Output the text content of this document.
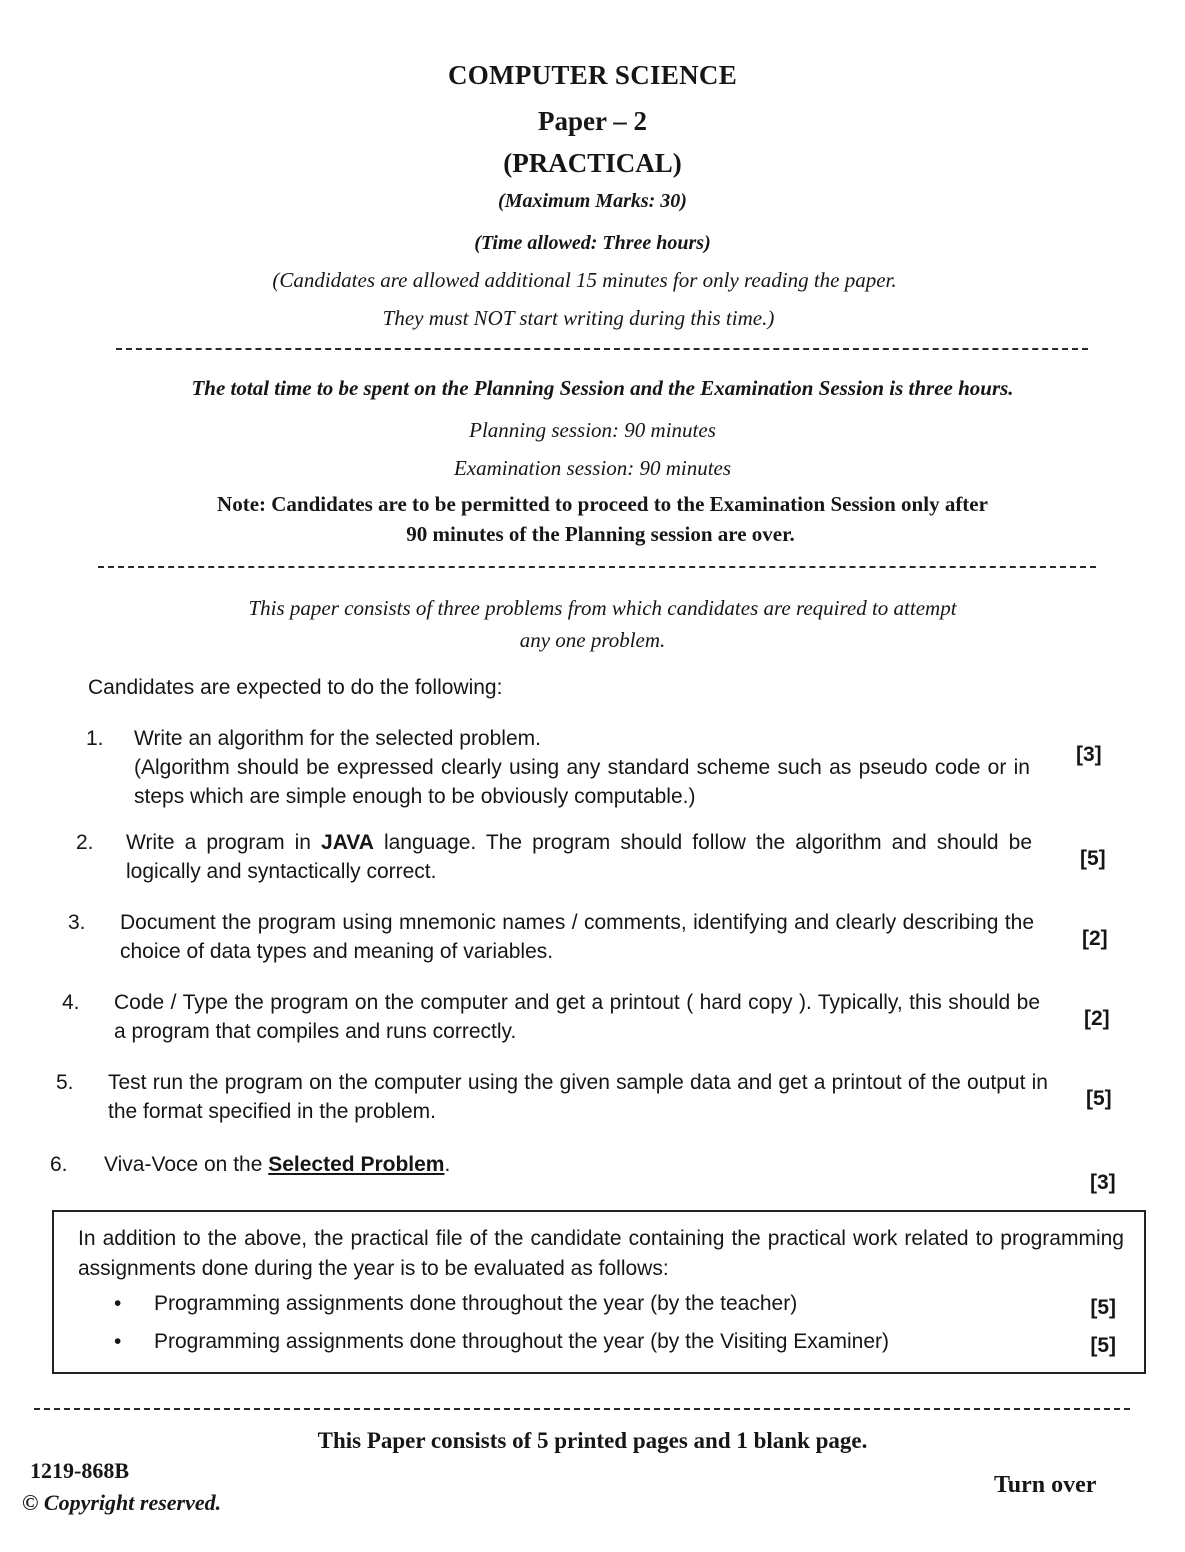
COMPUTER SCIENCE
Paper – 2
(PRACTICAL)
(Maximum Marks: 30)
(Time allowed: Three hours)
(Candidates are allowed additional 15 minutes for only reading the paper.
They must NOT start writing during this time.)
The total time to be spent on the Planning Session and the Examination Session is three hours.
Planning session: 90 minutes
Examination session: 90 minutes
Note: Candidates are to be permitted to proceed to the Examination Session only after
90 minutes of the Planning session are over.
This paper consists of three problems from which candidates are required to attempt
any one problem.
Candidates are expected to do the following:
1. Write an algorithm for the selected problem.
(Algorithm should be expressed clearly using any standard scheme such as pseudo code or in steps which are simple enough to be obviously computable.)
[3]
2. Write a program in JAVA language. The program should follow the algorithm and should be logically and syntactically correct.
[5]
3. Document the program using mnemonic names / comments, identifying and clearly describing the choice of data types and meaning of variables.
[2]
4. Code / Type the program on the computer and get a printout ( hard copy ). Typically, this should be a program that compiles and runs correctly.
[2]
5. Test run the program on the computer using the given sample data and get a printout of the output in the format specified in the problem.
[5]
6. Viva-Voce on the Selected Problem.
[3]
In addition to the above, the practical file of the candidate containing the practical work related to programming assignments done during the year is to be evaluated as follows:
• Programming assignments done throughout the year (by the teacher)	[5]
• Programming assignments done throughout the year (by the Visiting Examiner)	[5]
This Paper consists of 5 printed pages and 1 blank page.
1219-868B
© Copyright reserved.
Turn over
